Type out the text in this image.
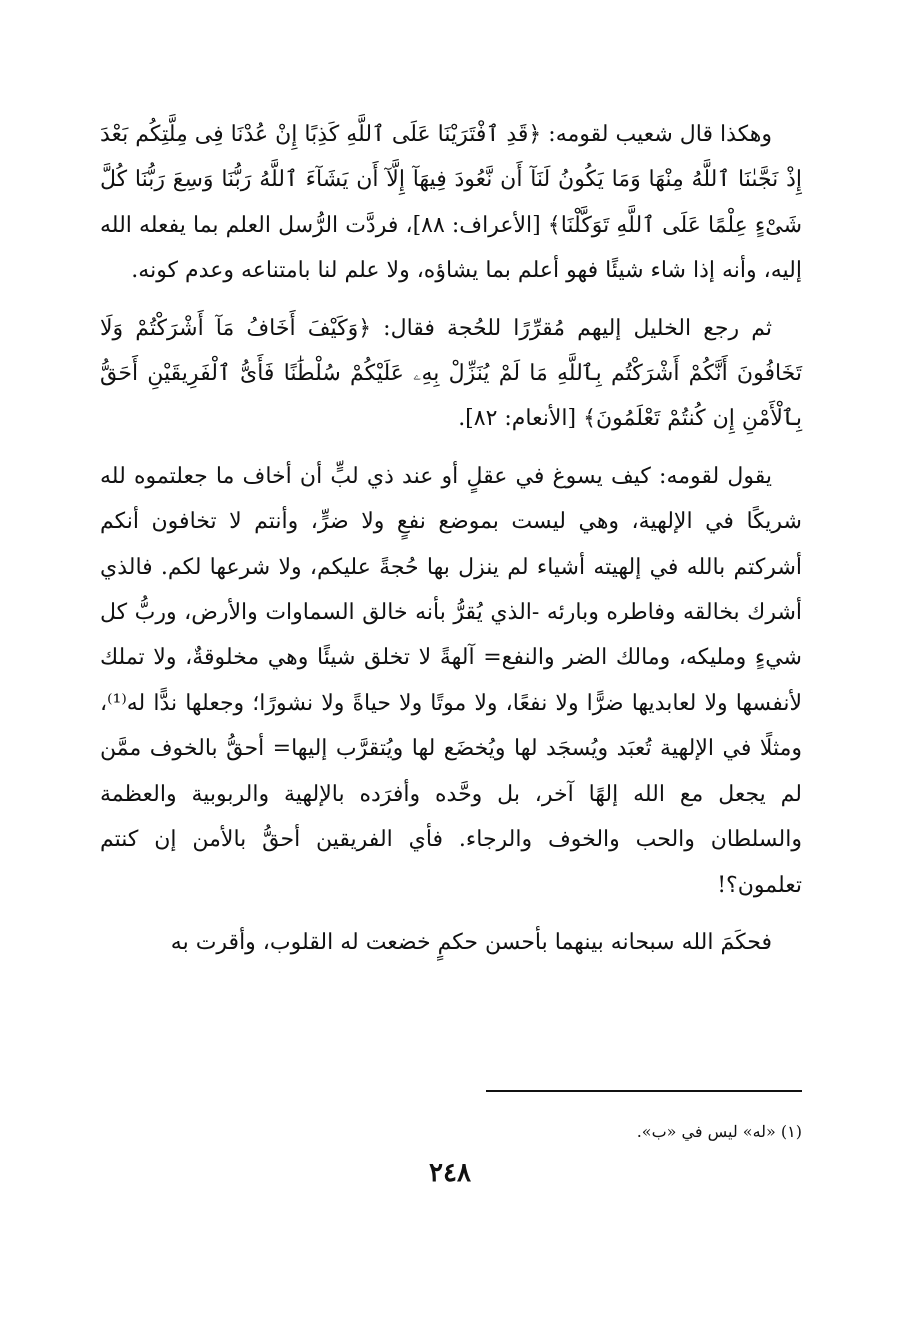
وهكذا قال شعيب لقومه: ﴿قَدِ ٱفْتَرَيْنَا عَلَى ٱللَّهِ كَذِبًا إِنْ عُدْنَا فِى مِلَّتِكُم بَعْدَ إِذْ نَجَّىٰنَا ٱللَّهُ مِنْهَا وَمَا يَكُونُ لَنَآ أَن نَّعُودَ فِيهَآ إِلَّآ أَن يَشَآءَ ٱللَّهُ رَبُّنَا وَسِعَ رَبُّنَا كُلَّ شَىْءٍ عِلْمًا عَلَى ٱللَّهِ تَوَكَّلْنَا﴾ [الأعراف: ٨٨]، فردَّت الرُّسل العلم بما يفعله الله إليه، وأنه إذا شاء شيئًا فهو أعلم بما يشاؤه، ولا علم لنا بامتناعه وعدم كونه.

ثم رجع الخليل إليهم مُقرِّرًا للحُجة فقال: ﴿وَكَيْفَ أَخَافُ مَآ أَشْرَكْتُمْ وَلَا تَخَافُونَ أَنَّكُمْ أَشْرَكْتُم بِٱللَّهِ مَا لَمْ يُنَزِّلْ بِهِۦ عَلَيْكُمْ سُلْطَٰنًا فَأَىُّ ٱلْفَرِيقَيْنِ أَحَقُّ بِٱلْأَمْنِ إِن كُنتُمْ تَعْلَمُونَ﴾ [الأنعام: ٨٢].

يقول لقومه: كيف يسوغ في عقلٍ أو عند ذي لبٍّ أن أخاف ما جعلتموه لله شريكًا في الإلهية، وهي ليست بموضع نفعٍ ولا ضرٍّ، وأنتم لا تخافون أنكم أشركتم بالله في إلهيته أشياء لم ينزل بها حُجةً عليكم، ولا شرعها لكم. فالذي أشرك بخالقه وفاطره وبارئه -الذي يُقرُّ بأنه خالق السماوات والأرض، وربُّ كل شيءٍ ومليكه، ومالك الضر والنفع= آلهةً لا تخلق شيئًا وهي مخلوقةٌ، ولا تملك لأنفسها ولا لعابديها ضرًّا ولا نفعًا، ولا موتًا ولا حياةً ولا نشورًا؛ وجعلها ندًّا له⁽¹⁾، ومثلًا في الإلهية تُعبَد ويُسجَد لها ويُخضَع لها ويُتقرَّب إليها= أحقُّ بالخوف ممَّن لم يجعل مع الله إلهًا آخر، بل وحَّده وأفرَده بالإلهية والربوبية والعظمة والسلطان والحب والخوف والرجاء. فأي الفريقين أحقُّ بالأمن إن كنتم تعلمون؟!

فحكَمَ الله سبحانه بينهما بأحسن حكمٍ خضعت له القلوب، وأقرت به

(١) «له» ليس في «ب».
٢٤٨
